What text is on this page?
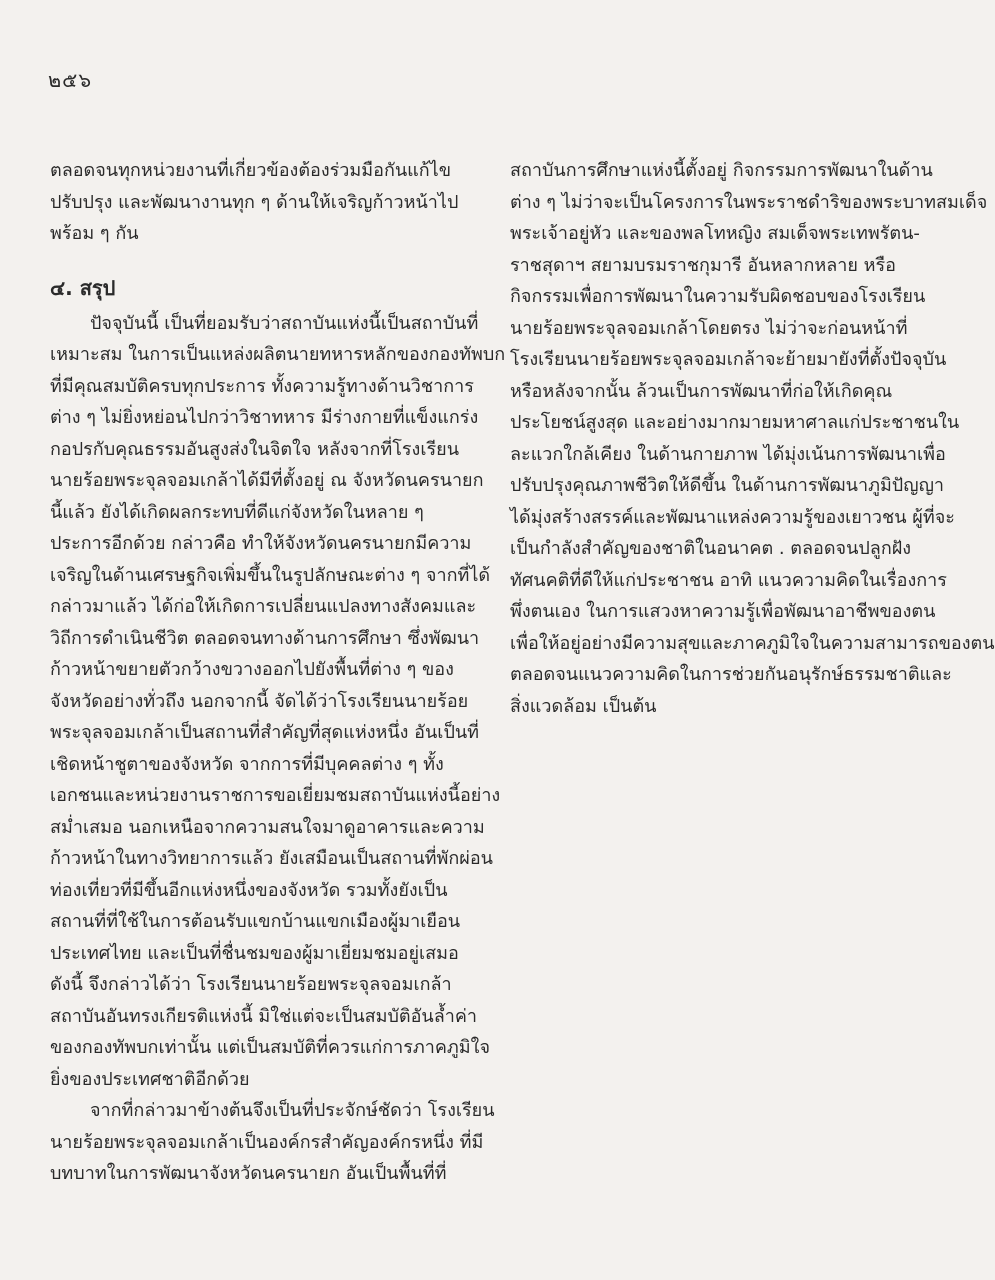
๒๕๖
ตลอดจนทุกหน่วยงานที่เกี่ยวข้องต้องร่วมมือกันแก้ไข
ปรับปรุง และพัฒนางานทุก ๆ ด้านให้เจริญก้าวหน้าไป
พร้อม ๆ กัน
๔. สรุป
ปัจจุบันนี้ เป็นที่ยอมรับว่าสถาบันแห่งนี้เป็นสถาบันที่
เหมาะสม ในการเป็นแหล่งผลิตนายทหารหลักของกองทัพบก
ที่มีคุณสมบัติครบทุกประการ ทั้งความรู้ทางด้านวิชาการ
ต่าง ๆ ไม่ยิ่งหย่อนไปกว่าวิชาทหาร มีร่างกายที่แข็งแกร่ง
กอปรกับคุณธรรมอันสูงส่งในจิตใจ หลังจากที่โรงเรียน
นายร้อยพระจุลจอมเกล้าได้มีที่ตั้งอยู่ ณ จังหวัดนครนายก
นี้แล้ว ยังได้เกิดผลกระทบที่ดีแก่จังหวัดในหลาย ๆ
ประการอีกด้วย กล่าวคือ ทำให้จังหวัดนครนายกมีความ
เจริญในด้านเศรษฐกิจเพิ่มขึ้นในรูปลักษณะต่าง ๆ จากที่ได้
กล่าวมาแล้ว ได้ก่อให้เกิดการเปลี่ยนแปลงทางสังคมและ
วิถีการดำเนินชีวิต ตลอดจนทางด้านการศึกษา ซึ่งพัฒนา
ก้าวหน้าขยายตัวกว้างขวางออกไปยังพื้นที่ต่าง ๆ ของ
จังหวัดอย่างทั่วถึง นอกจากนี้ จัดได้ว่าโรงเรียนนายร้อย
พระจุลจอมเกล้าเป็นสถานที่สำคัญที่สุดแห่งหนึ่ง อันเป็นที่
เชิดหน้าชูตาของจังหวัด จากการที่มีบุคคลต่าง ๆ ทั้ง
เอกชนและหน่วยงานราชการขอเยี่ยมชมสถาบันแห่งนี้อย่าง
สม่ำเสมอ นอกเหนือจากความสนใจมาดูอาคารและความ
ก้าวหน้าในทางวิทยาการแล้ว ยังเสมือนเป็นสถานที่พักผ่อน
ท่องเที่ยวที่มีขึ้นอีกแห่งหนึ่งของจังหวัด รวมทั้งยังเป็น
สถานที่ที่ใช้ในการต้อนรับแขกบ้านแขกเมืองผู้มาเยือน
ประเทศไทย และเป็นที่ชื่นชมของผู้มาเยี่ยมชมอยู่เสมอ
ดังนี้ จึงกล่าวได้ว่า โรงเรียนนายร้อยพระจุลจอมเกล้า
สถาบันอันทรงเกียรติแห่งนี้ มิใช่แต่จะเป็นสมบัติอันล้ำค่า
ของกองทัพบกเท่านั้น แต่เป็นสมบัติที่ควรแก่การภาคภูมิใจ
ยิ่งของประเทศชาติอีกด้วย
จากที่กล่าวมาข้างต้นจึงเป็นที่ประจักษ์ชัดว่า โรงเรียน
นายร้อยพระจุลจอมเกล้าเป็นองค์กรสำคัญองค์กรหนึ่ง ที่มี
บทบาทในการพัฒนาจังหวัดนครนายก อันเป็นพื้นที่ที่
สถาบันการศึกษาแห่งนี้ตั้งอยู่ กิจกรรมการพัฒนาในด้าน
ต่าง ๆ ไม่ว่าจะเป็นโครงการในพระราชดำริของพระบาทสมเด็จ
พระเจ้าอยู่หัว และของพลโทหญิง สมเด็จพระเทพรัตน-
ราชสุดาฯ สยามบรมราชกุมารี อันหลากหลาย หรือ
กิจกรรมเพื่อการพัฒนาในความรับผิดชอบของโรงเรียน
นายร้อยพระจุลจอมเกล้าโดยตรง ไม่ว่าจะก่อนหน้าที่
โรงเรียนนายร้อยพระจุลจอมเกล้าจะย้ายมายังที่ตั้งปัจจุบัน
หรือหลังจากนั้น ล้วนเป็นการพัฒนาที่ก่อให้เกิดคุณ
ประโยชน์สูงสุด และอย่างมากมายมหาศาลแก่ประชาชนใน
ละแวกใกล้เคียง ในด้านกายภาพ ได้มุ่งเน้นการพัฒนาเพื่อ
ปรับปรุงคุณภาพชีวิตให้ดีขึ้น ในด้านการพัฒนาภูมิปัญญา
ได้มุ่งสร้างสรรค์และพัฒนาแหล่งความรู้ของเยาวชน ผู้ที่จะ
เป็นกำลังสำคัญของชาติในอนาคต . ตลอดจนปลูกฝัง
ทัศนคติที่ดีให้แก่ประชาชน อาทิ แนวความคิดในเรื่องการ
พึ่งตนเอง ในการแสวงหาความรู้เพื่อพัฒนาอาชีพของตน
เพื่อให้อยู่อย่างมีความสุขและภาคภูมิใจในความสามารถของตน
ตลอดจนแนวความคิดในการช่วยกันอนุรักษ์ธรรมชาติและ
สิ่งแวดล้อม เป็นต้น
